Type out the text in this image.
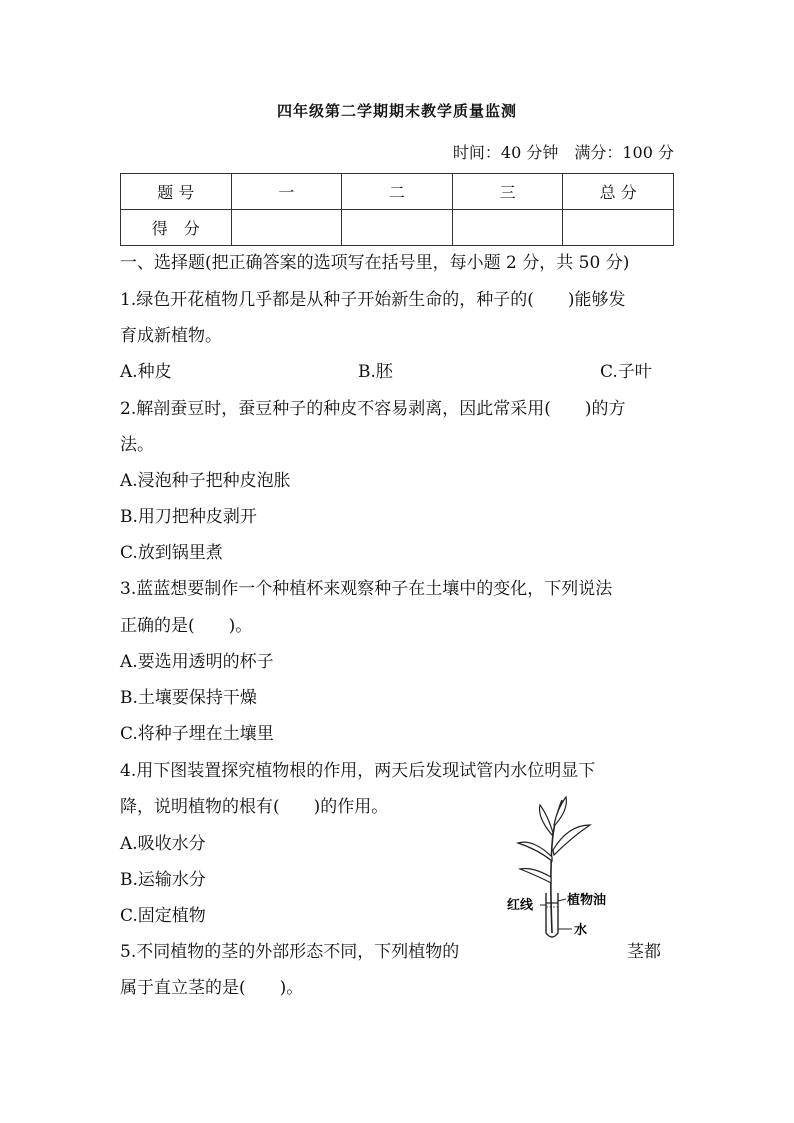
四年级第二学期期末教学质量监测
时间：40 分钟　满分：100 分
题 号	一	二	三	总 分
得　分				
一、选择题(把正确答案的选项写在括号里，每小题 2 分，共 50 分)
1.绿色开花植物几乎都是从种子开始新生命的，种子的(　　)能够发
育成新植物。
A.种皮	B.胚	C.子叶
2.解剖蚕豆时，蚕豆种子的种皮不容易剥离，因此常采用(　　)的方
法。
A.浸泡种子把种皮泡胀
B.用刀把种皮剥开
C.放到锅里煮
3.蓝蓝想要制作一个种植杯来观察种子在土壤中的变化，下列说法
正确的是(　　)。
A.要选用透明的杯子
B.土壤要保持干燥
C.将种子埋在土壤里
4.用下图装置探究植物根的作用，两天后发现试管内水位明显下
降，说明植物的根有(　　)的作用。
A.吸收水分
B.运输水分
C.固定植物
红线	植物油
水
5.不同植物的茎的外部形态不同，下列植物的	茎都
属于直立茎的是(　　)。
